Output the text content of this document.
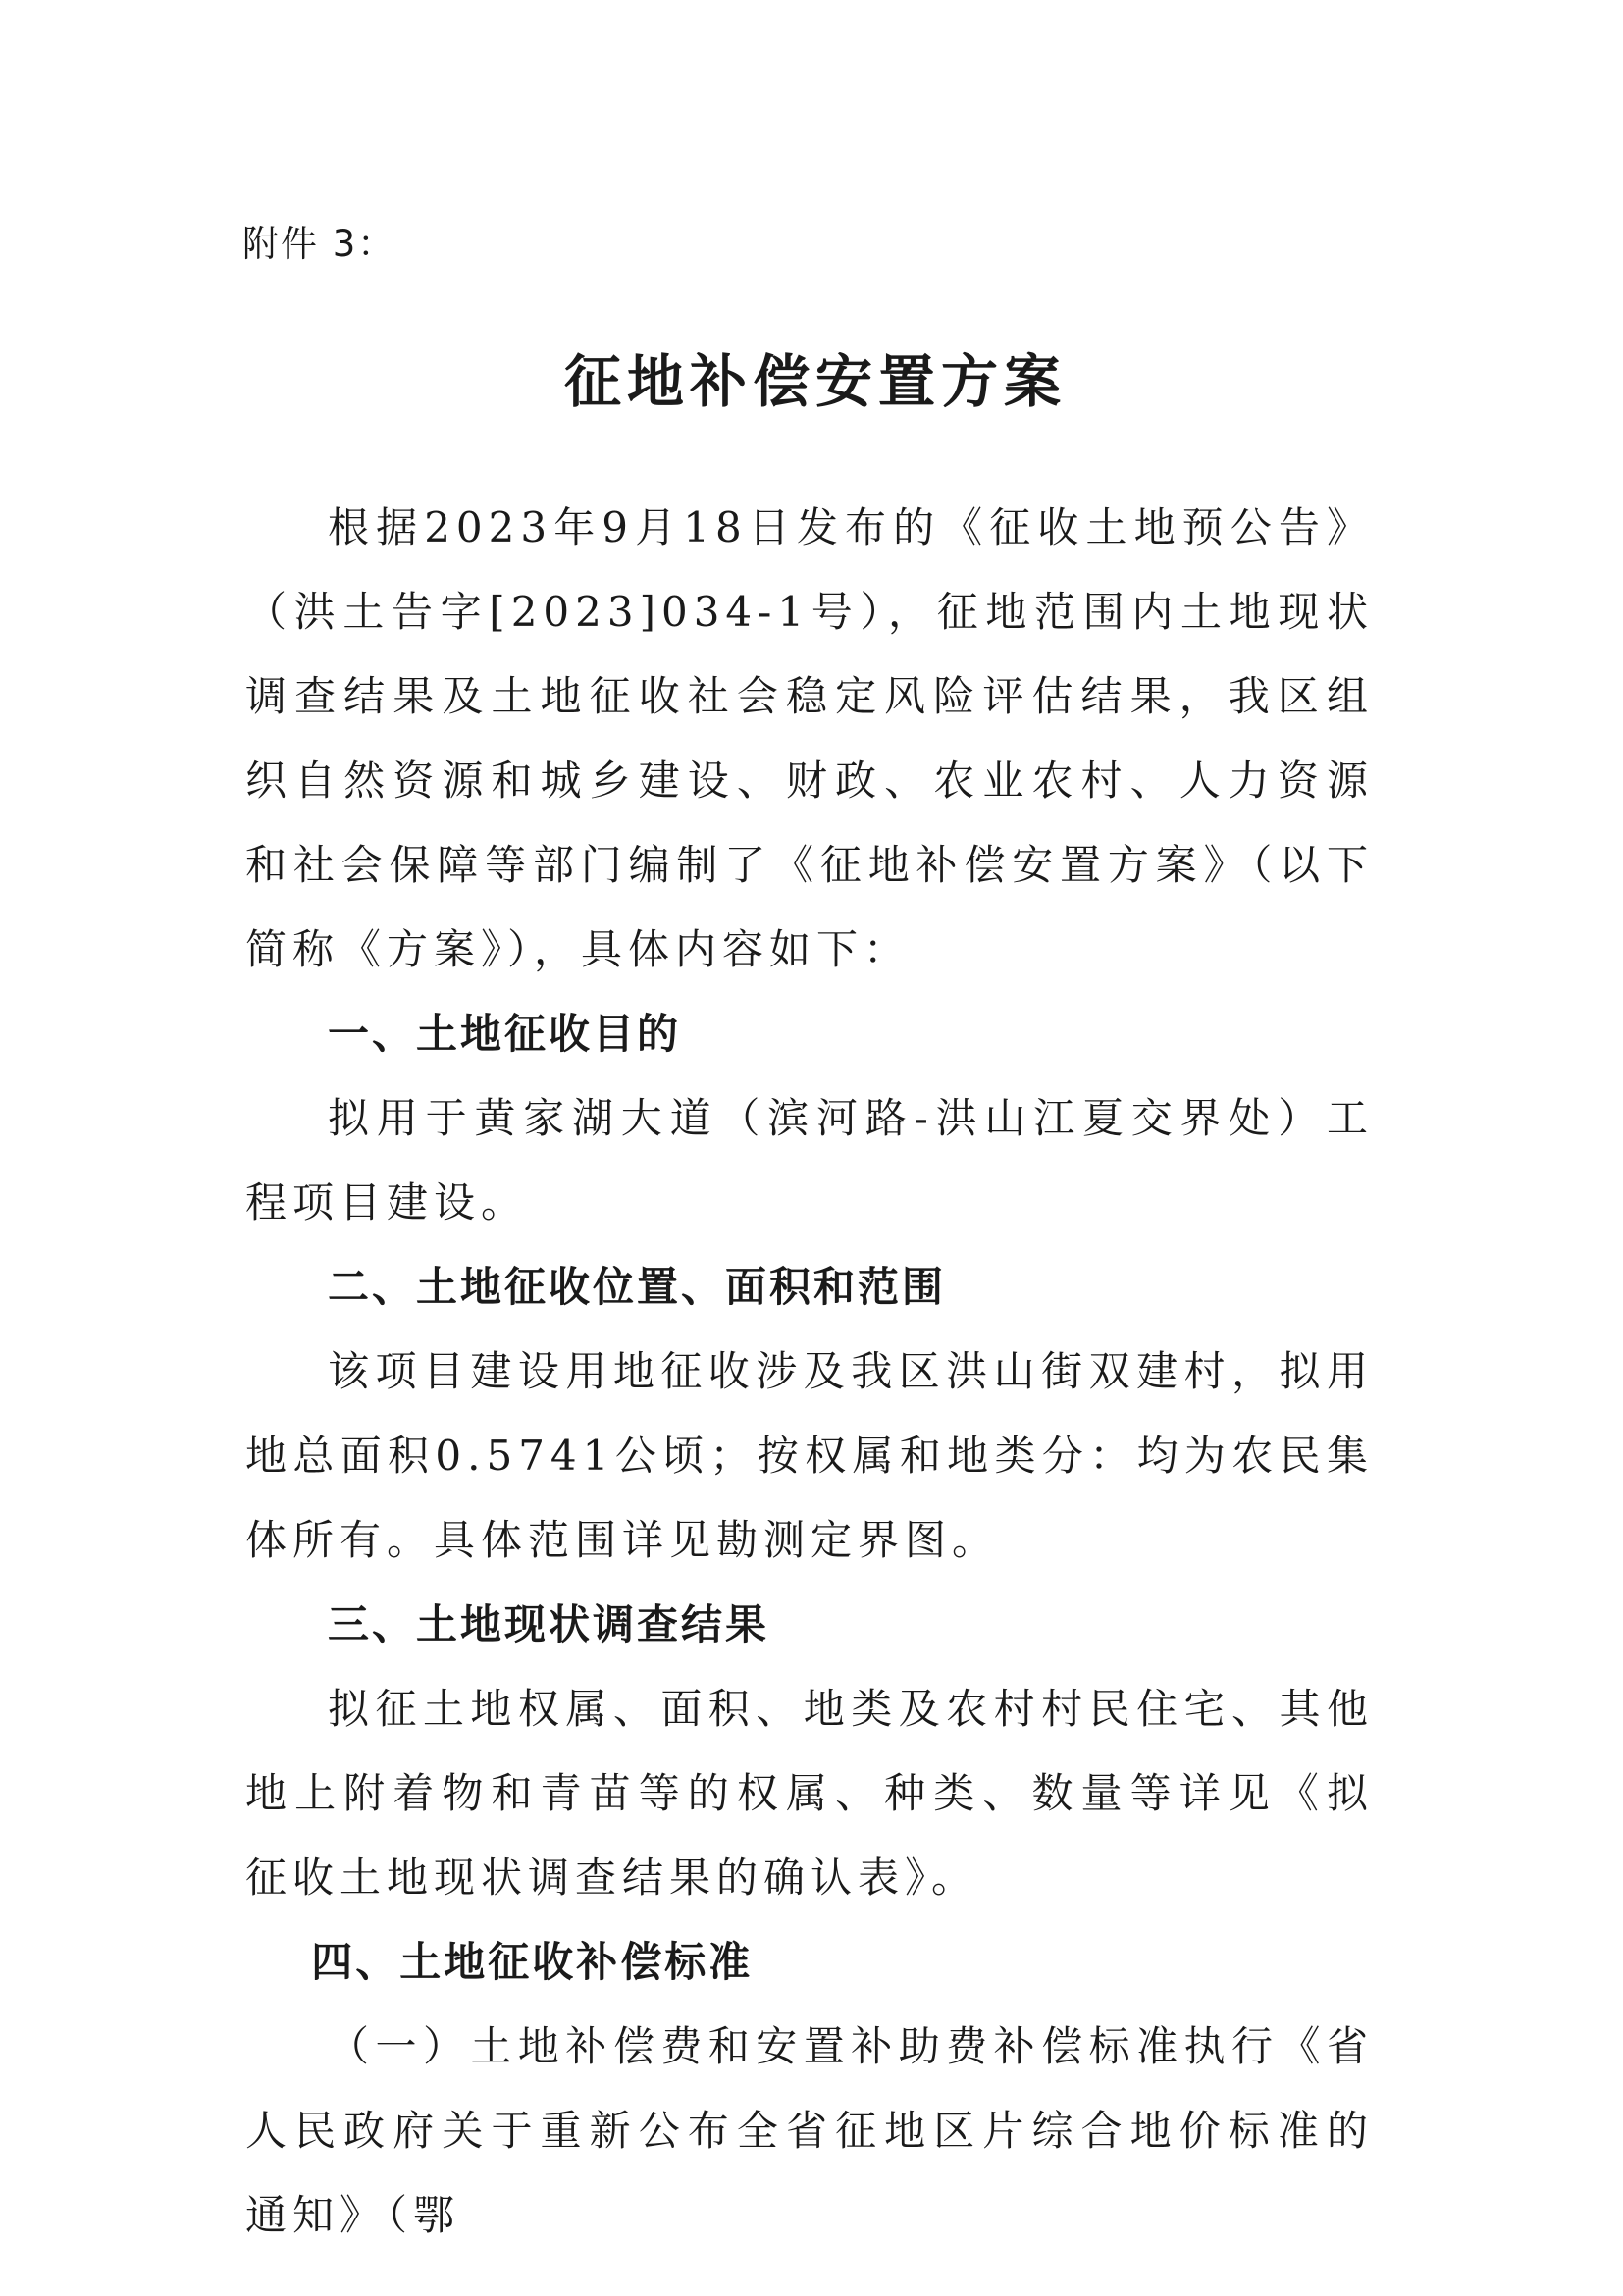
附件 3：
征地补偿安置方案

根据2023年9月18日发布的《征收土地预公告》（洪土告字[2023]034-1号），征地范围内土地现状调查结果及土地征收社会稳定风险评估结果，我区组织自然资源和城乡建设、财政、农业农村、人力资源和社会保障等部门编制了《征地补偿安置方案》（以下简称《方案》），具体内容如下：

一、土地征收目的

拟用于黄家湖大道（滨河路-洪山江夏交界处）工程项目建设。

二、土地征收位置、面积和范围

该项目建设用地征收涉及我区洪山街双建村，拟用地总面积0.5741公顷；按权属和地类分：均为农民集体所有。具体范围详见勘测定界图。

三、土地现状调查结果

拟征土地权属、面积、地类及农村村民住宅、其他地上附着物和青苗等的权属、种类、数量等详见《拟征收土地现状调查结果的确认表》。

四、土地征收补偿标准

（一）土地补偿费和安置补助费补偿标准执行《省人民政府关于重新公布全省征地区片综合地价标准的通知》（鄂
